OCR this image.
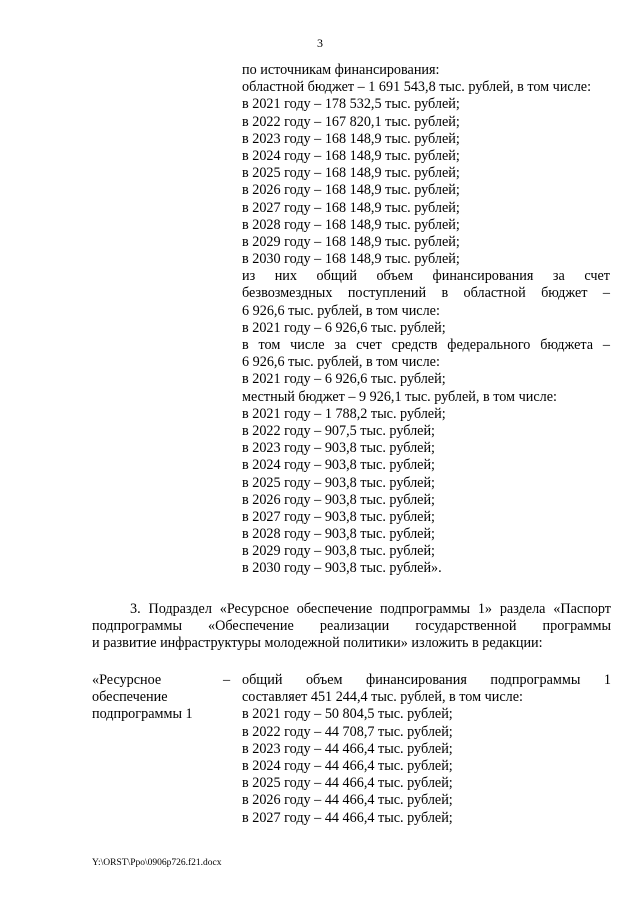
3
по источникам финансирования:
областной бюджет – 1 691 543,8 тыс. рублей, в том числе:
в 2021 году – 178 532,5 тыс. рублей;
в 2022 году – 167 820,1 тыс. рублей;
в 2023 году – 168 148,9 тыс. рублей;
в 2024 году – 168 148,9 тыс. рублей;
в 2025 году – 168 148,9 тыс. рублей;
в 2026 году – 168 148,9 тыс. рублей;
в 2027 году – 168 148,9 тыс. рублей;
в 2028 году – 168 148,9 тыс. рублей;
в 2029 году – 168 148,9 тыс. рублей;
в 2030 году – 168 148,9 тыс. рублей;
из них общий объем финансирования за счет
безвозмездных поступлений в областной бюджет –
6 926,6 тыс. рублей, в том числе:
в 2021 году – 6 926,6 тыс. рублей;
в том числе за счет средств федерального бюджета –
6 926,6 тыс. рублей, в том числе:
в 2021 году – 6 926,6 тыс. рублей;
местный бюджет – 9 926,1 тыс. рублей, в том числе:
в 2021 году – 1 788,2 тыс. рублей;
в 2022 году – 907,5 тыс. рублей;
в 2023 году – 903,8 тыс. рублей;
в 2024 году – 903,8 тыс. рублей;
в 2025 году – 903,8 тыс. рублей;
в 2026 году – 903,8 тыс. рублей;
в 2027 году – 903,8 тыс. рублей;
в 2028 году – 903,8 тыс. рублей;
в 2029 году – 903,8 тыс. рублей;
в 2030 году – 903,8 тыс. рублей».
3. Подраздел «Ресурсное обеспечение подпрограммы 1» раздела «Паспорт
подпрограммы «Обеспечение реализации государственной программы
и развитие инфраструктуры молодежной политики» изложить в редакции:
«Ресурсное
обеспечение
подпрограммы 1
– общий объем финансирования подпрограммы 1
составляет 451 244,4 тыс. рублей, в том числе:
в 2021 году – 50 804,5 тыс. рублей;
в 2022 году – 44 708,7 тыс. рублей;
в 2023 году – 44 466,4 тыс. рублей;
в 2024 году – 44 466,4 тыс. рублей;
в 2025 году – 44 466,4 тыс. рублей;
в 2026 году – 44 466,4 тыс. рублей;
в 2027 году – 44 466,4 тыс. рублей;
Y:\ORST\Ppo\0906p726.f21.docx
